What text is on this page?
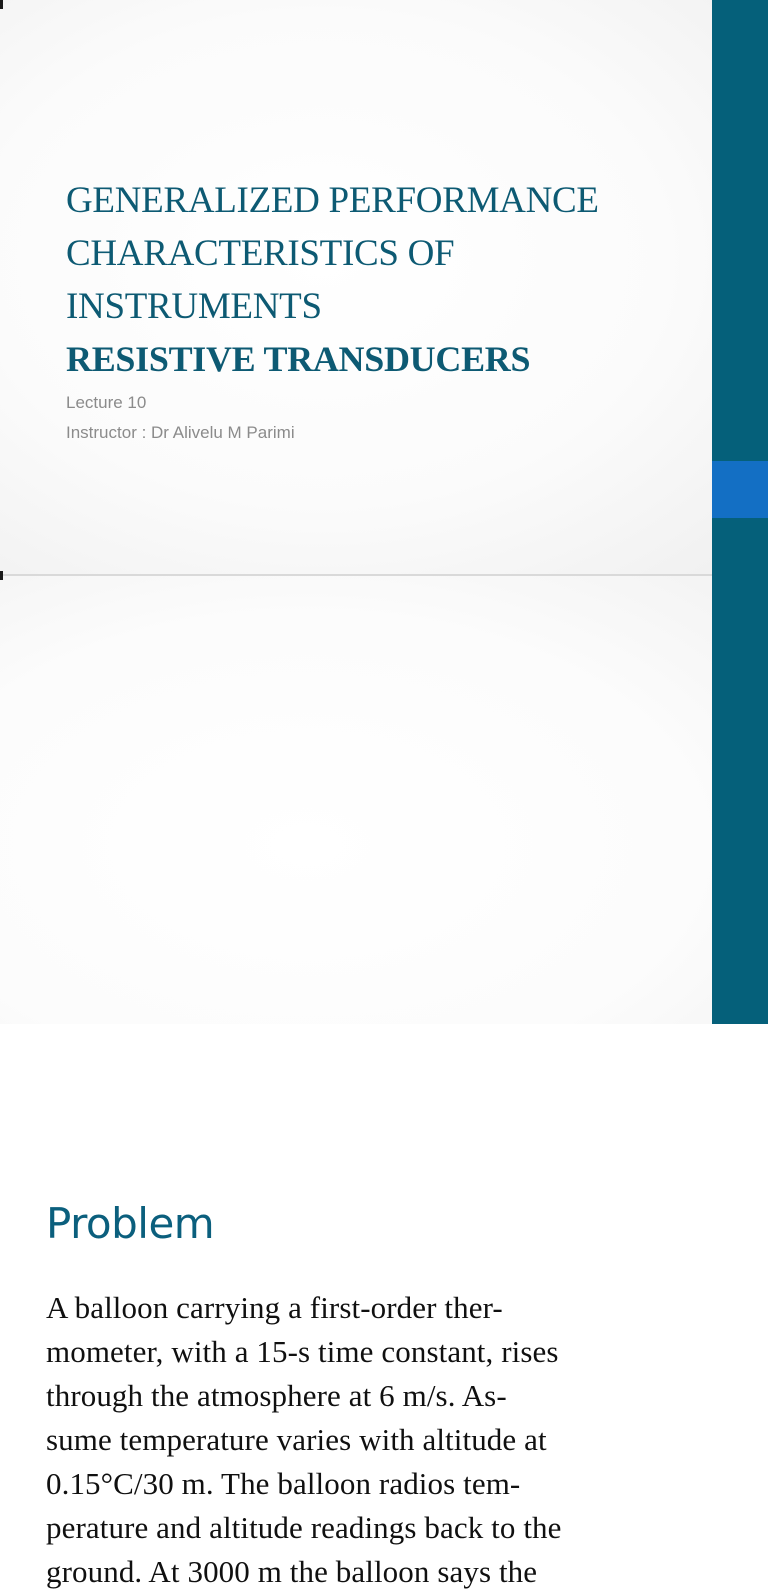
GENERALIZED PERFORMANCE
CHARACTERISTICS OF
INSTRUMENTS
RESISTIVE TRANSDUCERS
Lecture 10
Instructor : Dr Alivelu M Parimi
Problem
A balloon carrying a first-order ther-
mometer, with a 15-s time constant, rises
through the atmosphere at 6 m/s. As-
sume temperature varies with altitude at
0.15°C/30 m. The balloon radios tem-
perature and altitude readings back to the
ground. At 3000 m the balloon says the
